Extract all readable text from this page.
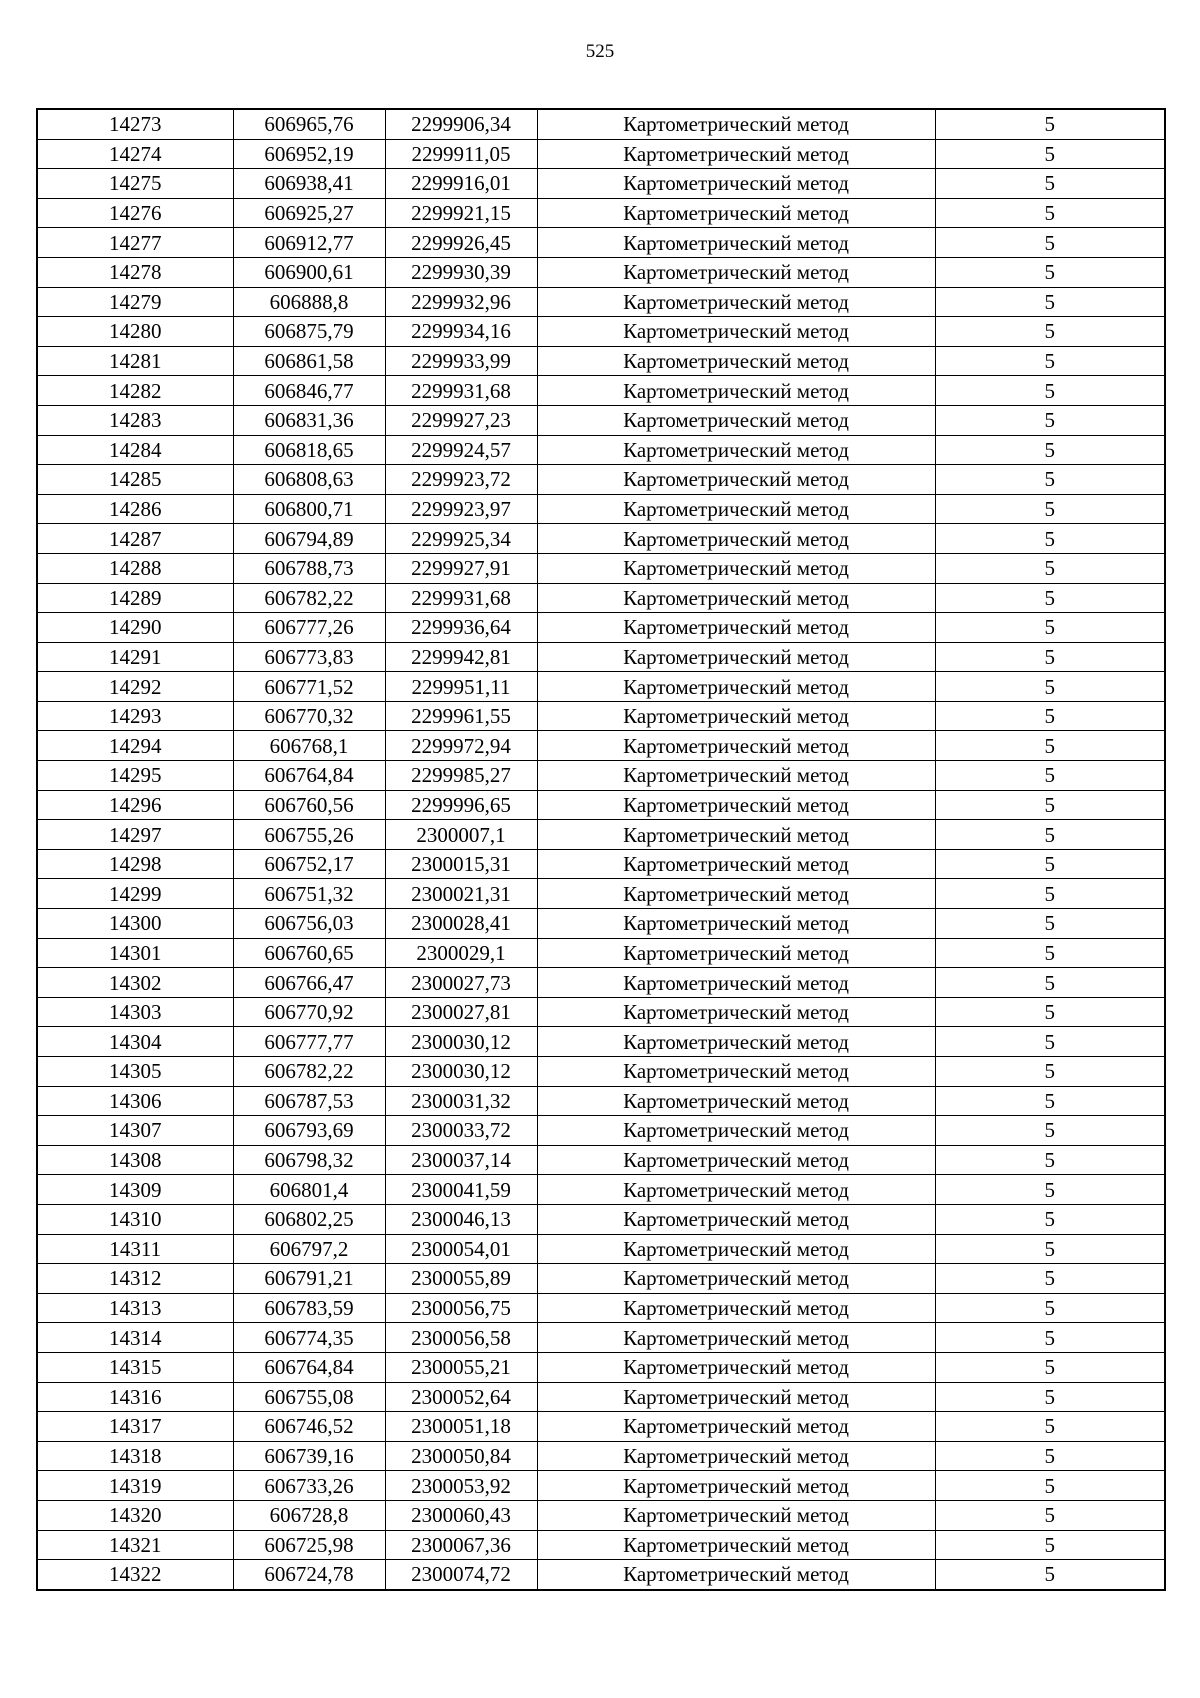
525
14273	606965,76	2299906,34	Картометрический метод	5
14274	606952,19	2299911,05	Картометрический метод	5
14275	606938,41	2299916,01	Картометрический метод	5
14276	606925,27	2299921,15	Картометрический метод	5
14277	606912,77	2299926,45	Картометрический метод	5
14278	606900,61	2299930,39	Картометрический метод	5
14279	606888,8	2299932,96	Картометрический метод	5
14280	606875,79	2299934,16	Картометрический метод	5
14281	606861,58	2299933,99	Картометрический метод	5
14282	606846,77	2299931,68	Картометрический метод	5
14283	606831,36	2299927,23	Картометрический метод	5
14284	606818,65	2299924,57	Картометрический метод	5
14285	606808,63	2299923,72	Картометрический метод	5
14286	606800,71	2299923,97	Картометрический метод	5
14287	606794,89	2299925,34	Картометрический метод	5
14288	606788,73	2299927,91	Картометрический метод	5
14289	606782,22	2299931,68	Картометрический метод	5
14290	606777,26	2299936,64	Картометрический метод	5
14291	606773,83	2299942,81	Картометрический метод	5
14292	606771,52	2299951,11	Картометрический метод	5
14293	606770,32	2299961,55	Картометрический метод	5
14294	606768,1	2299972,94	Картометрический метод	5
14295	606764,84	2299985,27	Картометрический метод	5
14296	606760,56	2299996,65	Картометрический метод	5
14297	606755,26	2300007,1	Картометрический метод	5
14298	606752,17	2300015,31	Картометрический метод	5
14299	606751,32	2300021,31	Картометрический метод	5
14300	606756,03	2300028,41	Картометрический метод	5
14301	606760,65	2300029,1	Картометрический метод	5
14302	606766,47	2300027,73	Картометрический метод	5
14303	606770,92	2300027,81	Картометрический метод	5
14304	606777,77	2300030,12	Картометрический метод	5
14305	606782,22	2300030,12	Картометрический метод	5
14306	606787,53	2300031,32	Картометрический метод	5
14307	606793,69	2300033,72	Картометрический метод	5
14308	606798,32	2300037,14	Картометрический метод	5
14309	606801,4	2300041,59	Картометрический метод	5
14310	606802,25	2300046,13	Картометрический метод	5
14311	606797,2	2300054,01	Картометрический метод	5
14312	606791,21	2300055,89	Картометрический метод	5
14313	606783,59	2300056,75	Картометрический метод	5
14314	606774,35	2300056,58	Картометрический метод	5
14315	606764,84	2300055,21	Картометрический метод	5
14316	606755,08	2300052,64	Картометрический метод	5
14317	606746,52	2300051,18	Картометрический метод	5
14318	606739,16	2300050,84	Картометрический метод	5
14319	606733,26	2300053,92	Картометрический метод	5
14320	606728,8	2300060,43	Картометрический метод	5
14321	606725,98	2300067,36	Картометрический метод	5
14322	606724,78	2300074,72	Картометрический метод	5
